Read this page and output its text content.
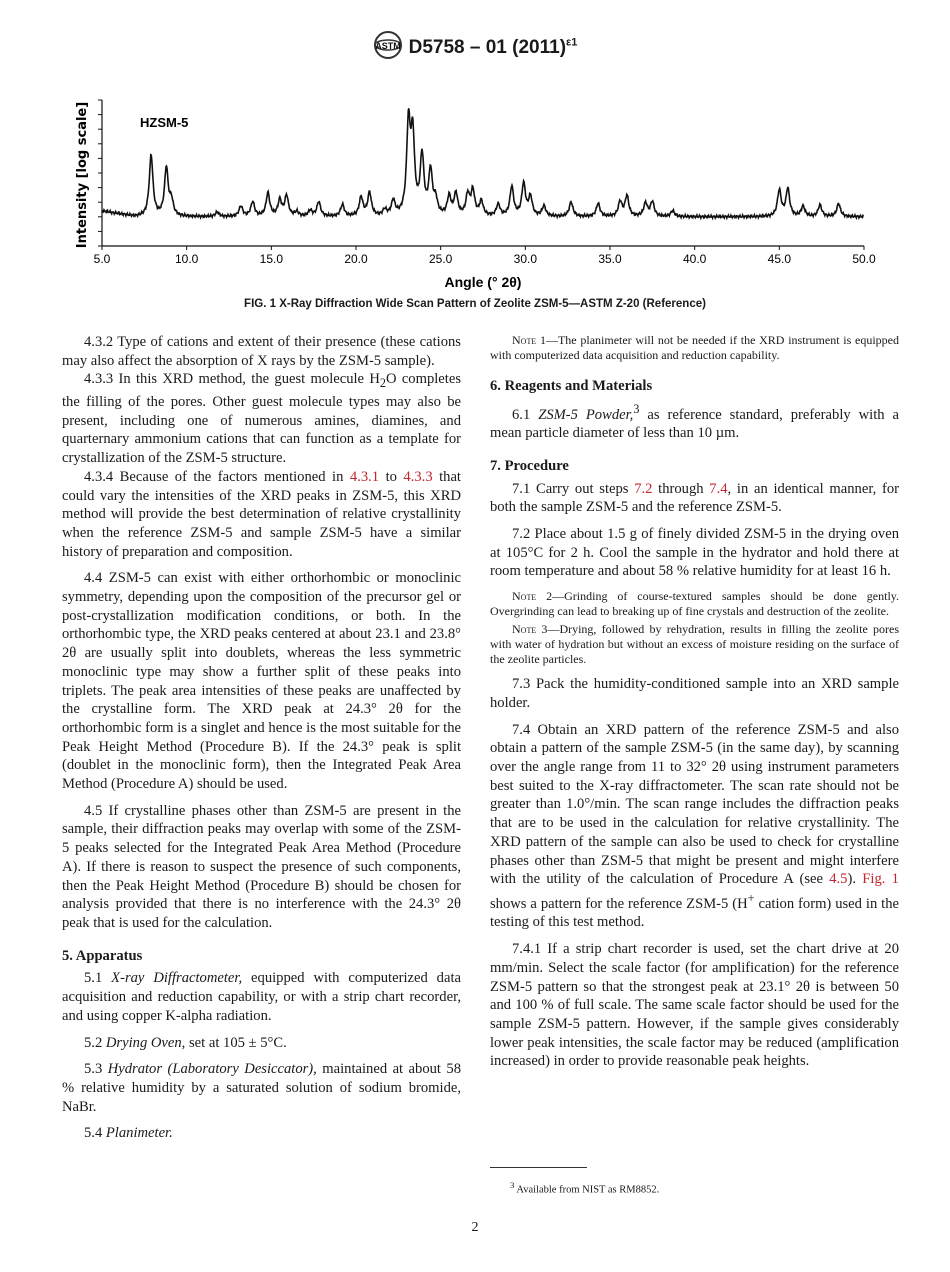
ASTM D5758 – 01 $(2011)^{\varepsilon 1}$
5.0	10.0	15.0	20.0	25.0	30.0	35.0	40.0	45.0	50.0
HZSM-5
Intensity [log scale]
Angle (° 2θ)
FIG. 1 X-Ray Diffraction Wide Scan Pattern of Zeolite ZSM-5—ASTM Z-20 (Reference)

4.3.2 Type of cations and extent of their presence (these cations may also affect the absorption of X rays by the ZSM-5 sample).

4.3.3 In this XRD method, the guest molecule $H_2O$ completes the filling of the pores. Other guest molecule types may also be present, including one of numerous amines, diamines, and quarternary ammonium cations that can function as a template for crystallization of the ZSM-5 structure.

4.3.4 Because of the factors mentioned in 4.3.1 to 4.3.3 that could vary the intensities of the XRD peaks in ZSM-5, this XRD method will provide the best determination of relative crystallinity when the reference ZSM-5 and sample ZSM-5 have a similar history of preparation and composition.

4.4 ZSM-5 can exist with either orthorhombic or monoclinic symmetry, depending upon the composition of the precursor gel or post-crystallization modification conditions, or both. In the orthorhombic type, the XRD peaks centered at about 23.1 and 23.8° 2θ are usually split into doublets, whereas the less symmetric monoclinic type may show a further split of these peaks into triplets. The peak area intensities of these peaks are unaffected by the crystalline form. The XRD peak at 24.3° 2θ for the orthorhombic form is a singlet and hence is the most suitable for the Peak Height Method (Procedure B). If the 24.3° peak is split (doublet in the monoclinic form), then the Integrated Peak Area Method (Procedure A) should be used.

4.5 If crystalline phases other than ZSM-5 are present in the sample, their diffraction peaks may overlap with some of the ZSM-5 peaks selected for the Integrated Peak Area Method (Procedure A). If there is reason to suspect the presence of such components, then the Peak Height Method (Procedure B) should be chosen for analysis provided that there is no interference with the 24.3° 2θ peak that is used for the calculation.

5. Apparatus

5.1 X-ray Diffractometer, equipped with computerized data acquisition and reduction capability, or with a strip chart recorder, and using copper K-alpha radiation.

5.2 Drying Oven, set at 105 ± 5°C.

5.3 Hydrator (Laboratory Desiccator), maintained at about 58 % relative humidity by a saturated solution of sodium bromide, NaBr.

5.4 Planimeter.

Note 1—The planimeter will not be needed if the XRD instrument is equipped with computerized data acquisition and reduction capability.

6. Reagents and Materials

6.1 ZSM-5 Powder,$^3$ as reference standard, preferably with a mean particle diameter of less than 10 µm.

7. Procedure

7.1 Carry out steps 7.2 through 7.4, in an identical manner, for both the sample ZSM-5 and the reference ZSM-5.

7.2 Place about 1.5 g of finely divided ZSM-5 in the drying oven at 105°C for 2 h. Cool the sample in the hydrator and hold there at room temperature and about 58 % relative humidity for at least 16 h.

Note 2—Grinding of course-textured samples should be done gently. Overgrinding can lead to breaking up of fine crystals and destruction of the zeolite.

Note 3—Drying, followed by rehydration, results in filling the zeolite pores with water of hydration but without an excess of moisture residing on the surface of the zeolite particles.

7.3 Pack the humidity-conditioned sample into an XRD sample holder.

7.4 Obtain an XRD pattern of the reference ZSM-5 and also obtain a pattern of the sample ZSM-5 (in the same day), by scanning over the angle range from 11 to 32° 2θ using instrument parameters best suited to the X-ray diffractometer. The scan rate should not be greater than 1.0°/min. The scan range includes the diffraction peaks that are to be used in the calculation for relative crystallinity. The XRD pattern of the sample can also be used to check for crystalline phases other than ZSM-5 that might be present and might interfere with the utility of the calculation of Procedure A (see 4.5). Fig. 1 shows a pattern for the reference ZSM-5 (H+ cation form) used in the testing of this test method.

7.4.1 If a strip chart recorder is used, set the chart drive at 20 mm/min. Select the scale factor (for amplification) for the reference ZSM-5 pattern so that the strongest peak at 23.1° 2θ is between 50 and 100 % of full scale. The same scale factor should be used for the sample ZSM-5 pattern. However, if the sample gives considerably lower peak intensities, the scale factor may be reduced (amplification increased) in order to provide reasonable peak heights.

$^3$ Available from NIST as RM8852.
2
